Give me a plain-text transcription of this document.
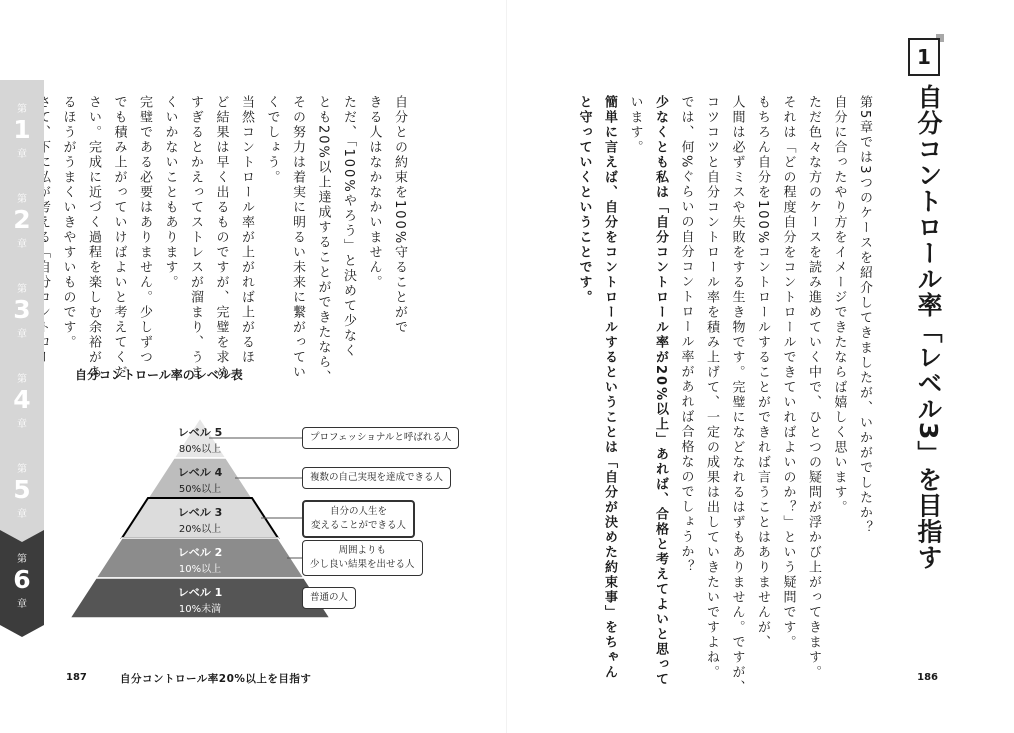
第
1
章
第
2
章
第
3
章
第
4
章
第
5
章
第
6
章

自分との約束を100%守ることがで

きる人はなかなかいません。

ただ、「100%やろう」と決めて少なく

とも20%以上達成することができたなら、

その努力は着実に明るい未来に繋がってい

くでしょう。

当然コントロール率が上がれば上がるほ

ど結果は早く出るものですが、完璧を求め

すぎるとかえってストレスが溜まり、うま

くいかないこともあります。

完璧である必要はありません。少しずつ

でも積み上がっていけばよいと考えてくだ

さい。完成に近づく過程を楽しむ余裕があ

るほうがうまくいきやすいものです。

自分コントロール率のレベル表
レベル 5
80%以上
レベル 4
50%以上
レベル 3
20%以上
レベル 2
10%以上
レベル 1
10%未満
プロフェッショナルと呼ばれる人
複数の自己実現を達成できる人
自分の人生を
変えることができる人
周囲よりも
少し良い結果を出せる人
普通の人
187	自分コントロール率20%以上を目指す

第5章では3つのケースを紹介してきましたが、いかがでしたか？

自分に合ったやり方をイメージできたならば嬉しく思います。

ただ色々な方のケースを読み進めていく中で、ひとつの疑問が浮かび上がってきます。

それは「どの程度自分をコントロールできていればよいのか？」という疑問です。

もちろん自分を100%コントロールすることができれば言うことはありませんが、

人間は必ずミスや失敗をする生き物です。完璧になどなれるはずもありません。ですが、

コツコツと自分コントロール率を積み上げて、一定の成果は出していきたいですよね。

では、何%ぐらいの自分コントロール率があれば合格なのでしょうか？

少なくとも私は「自分コントロール率が20%以上」あれば、合格と考えてよいと思って

います。

簡単に言えば、自分をコントロールするということは「自分が決めた約束事」をちゃん

と守っていくということです。

1
自分コントロール率「レベル3」を目指す
186
